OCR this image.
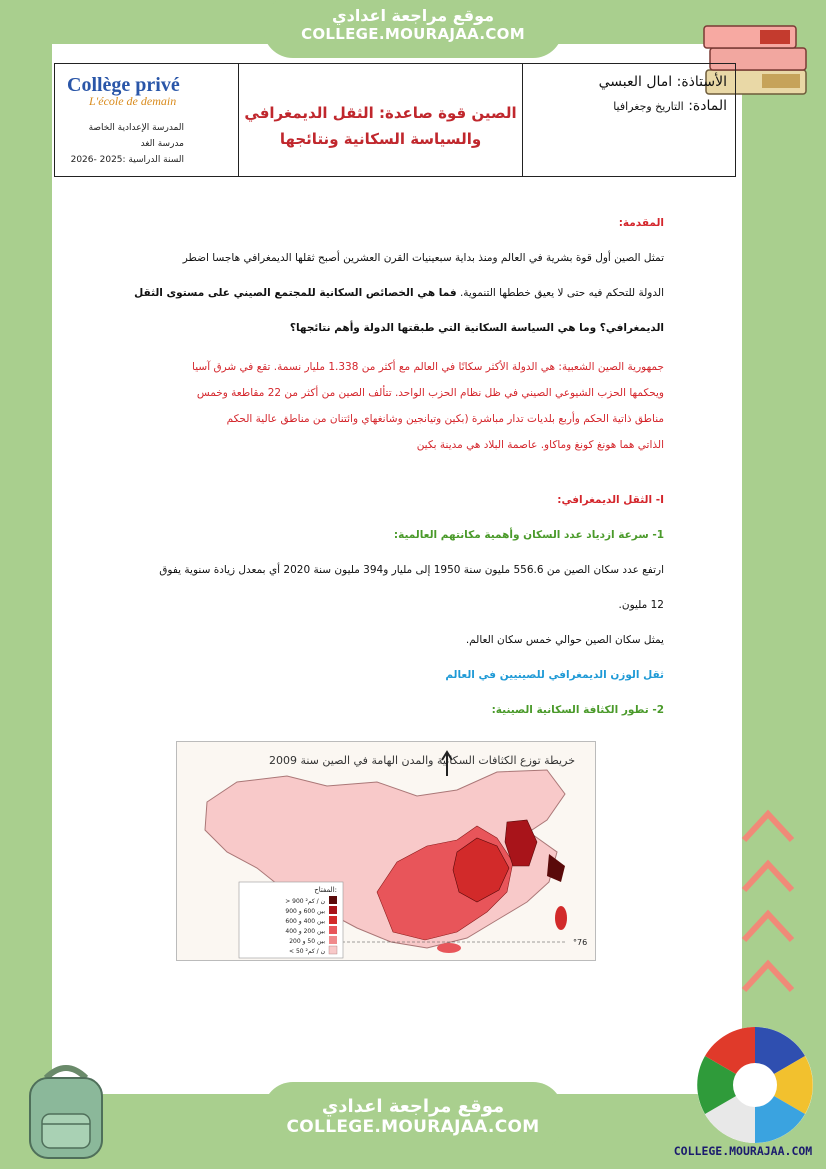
موقع مراجعة اعدادي
COLLEGE.MOURAJAA.COM
Collège privé
L'école de demain
المدرسة الإعدادية الخاصة
مدرسة الغد
السنة الدراسية :2025 -2026
الصين قوة صاعدة: الثقل الديمغرافي
والسياسة السكانية ونتائجها
الأستاذة: امال العبسي
المادة: التاريخ وجغرافيا
المقدمة:
تمثل الصين أول قوة بشرية في العالم ومنذ بداية سبعينيات القرن العشرين أصبح ثقلها الديمغرافي هاجسا اضطر
الدولة للتحكم فيه حتى لا يعيق خططها التنموية. فما هي الخصائص السكانية للمجتمع الصيني على مستوى الثقل
الديمغرافي؟ وما هي السياسة السكانية التي طبقتها الدولة وأهم نتائجها؟
جمهورية الصين الشعبية: هي الدولة الأكثر سكانًا في العالم مع أكثر من 1.338 مليار نسمة. تقع في شرق آسيا
ويحكمها الحزب الشيوعي الصيني في ظل نظام الحزب الواحد. تتألف الصين من أكثر من 22 مقاطعة وخمس
مناطق ذاتية الحكم وأربع بلديات تدار مباشرة (بكين وتيانجين وشانغهاي وائتنان من مناطق عالية الحكم
الذاتي هما هونغ كونغ وماكاو. عاصمة البلاد هي مدينة بكين
I- الثقل الديمغرافي:
1- سرعة ازدياد عدد السكان وأهمية مكانتهم العالمية:
ارتفع عدد سكان الصين من 556.6 مليون سنة 1950 إلى مليار و394 مليون سنة 2020 أي بمعدل زيادة سنوية يفوق
12 مليون.
يمثل سكان الصين حوالي خمس سكان العالم.
ثقل الوزن الديمغرافي للصينيين في العالم
2- تطور الكثافة السكانية الصينية:
خريطة توزع الكثافات السكانية والمدن الهامة في الصين سنة 2009
°76
المفتاح:
> 900 ن / كم²
بين 600 و 900
بين 400 و 600
بين 200 و 400
بين 50 و 200
< 50 ن / كم²
COLLEGE.MOURAJAA.COM
موقع مراجعة اعدادي
COLLEGE.MOURAJAA.COM
